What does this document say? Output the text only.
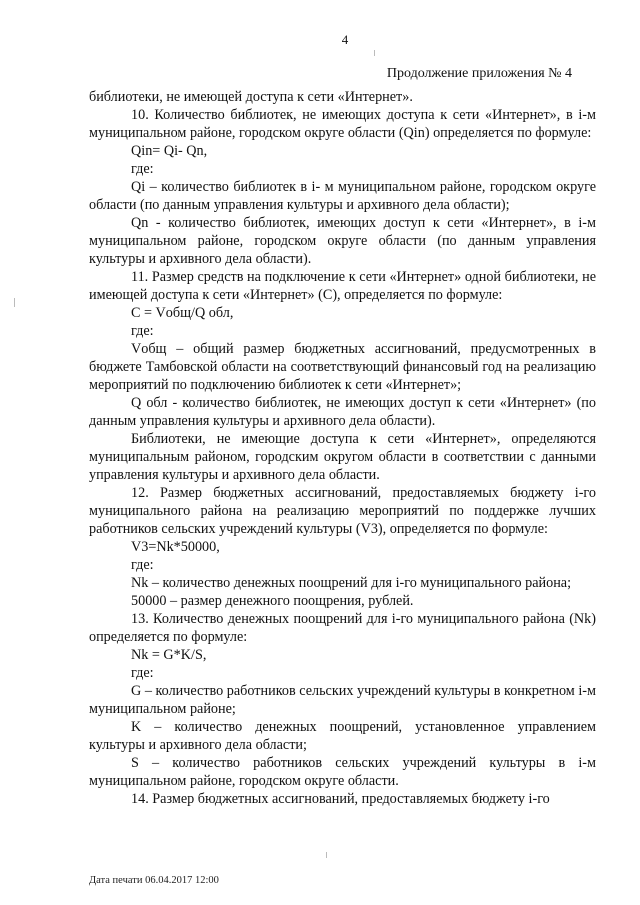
4
Продолжение приложения № 4

библиотеки, не имеющей доступа к сети «Интернет».

10. Количество библиотек, не имеющих доступа к сети «Интернет», в i-м муниципальном районе, городском округе области (Qin) определяется по формуле:

Qin= Qi- Qn,

где:

Qi – количество библиотек в i- м муниципальном районе, городском округе области (по данным управления культуры и архивного дела области);

Qn - количество библиотек, имеющих доступ к сети «Интернет», в i-м муниципальном районе, городском округе области (по данным управления культуры и архивного дела области).

11. Размер средств на подключение к сети «Интернет» одной библиотеки, не имеющей доступа к сети «Интернет» (C), определяется по формуле:

С = Vобщ/Q обл,

где:

Vобщ – общий размер бюджетных ассигнований, предусмотренных в бюджете Тамбовской области на соответствующий финансовый год на реализацию мероприятий по подключению библиотек к сети «Интернет»;

Q обл - количество библиотек, не имеющих доступ к сети «Интернет» (по данным управления культуры и архивного дела области).

Библиотеки, не имеющие доступа к сети «Интернет», определяются муниципальным районом, городским округом области в соответствии с данными управления культуры и архивного дела области.

12. Размер бюджетных ассигнований, предоставляемых бюджету i-го муниципального района на реализацию мероприятий по поддержке лучших работников сельских учреждений культуры (V3), определяется по формуле:

V3=Nk*50000,

где:

Nk – количество денежных поощрений для i-го муниципального района;

50000 – размер денежного поощрения, рублей.

13. Количество денежных поощрений для i-го муниципального района (Nk) определяется по формуле:

Nk = G*K/S,

где:

G – количество работников сельских учреждений культуры в конкретном i-м муниципальном районе;

K – количество денежных поощрений, установленное управлением культуры и архивного дела области;

S – количество работников сельских учреждений культуры в i-м муниципальном районе, городском округе области.

14. Размер бюджетных ассигнований, предоставляемых бюджету i-го

Дата печати 06.04.2017 12:00
